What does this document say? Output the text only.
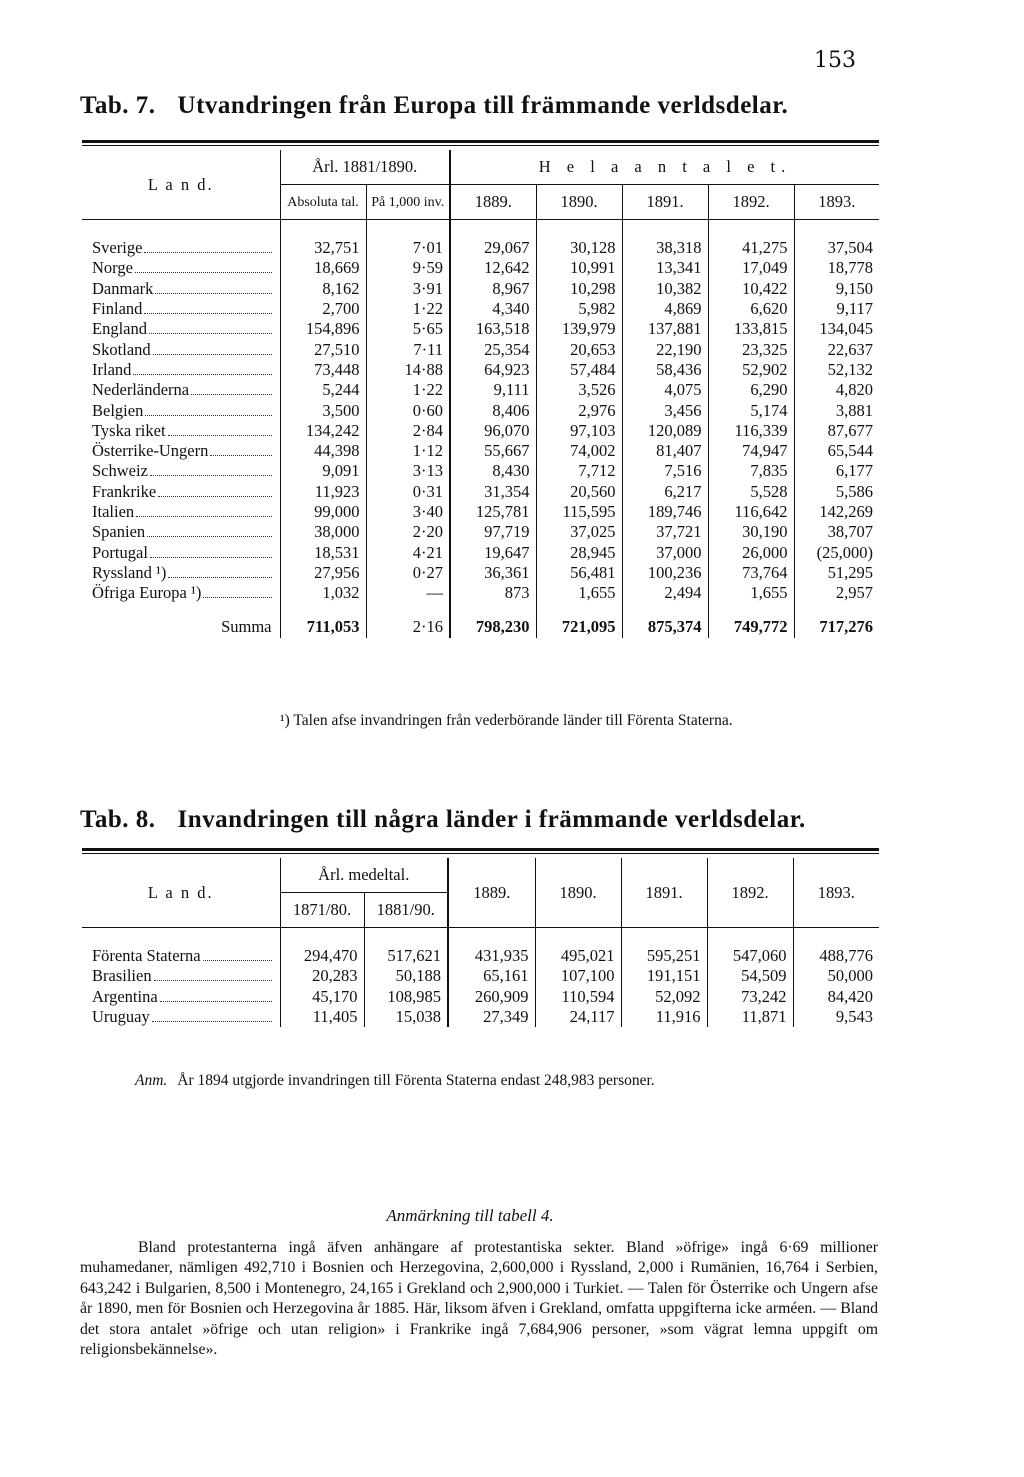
153
Tab. 7. Utvandringen från Europa till främmande verldsdelar.
L a n d.	Årl. 1881/1890.		H e l a a n t a l e t.				
	Absoluta tal.	På 1,000 inv.	1889.	1890.	1891.	1892.	1893.
Sverige	32,751	7·01	29,067	30,128	38,318	41,275	37,504
Norge	18,669	9·59	12,642	10,991	13,341	17,049	18,778
Danmark	8,162	3·91	8,967	10,298	10,382	10,422	9,150
Finland	2,700	1·22	4,340	5,982	4,869	6,620	9,117
England	154,896	5·65	163,518	139,979	137,881	133,815	134,045
Skotland	27,510	7·11	25,354	20,653	22,190	23,325	22,637
Irland	73,448	14·88	64,923	57,484	58,436	52,902	52,132
Nederländerna	5,244	1·22	9,111	3,526	4,075	6,290	4,820
Belgien	3,500	0·60	8,406	2,976	3,456	5,174	3,881
Tyska riket	134,242	2·84	96,070	97,103	120,089	116,339	87,677
Österrike-Ungern	44,398	1·12	55,667	74,002	81,407	74,947	65,544
Schweiz	9,091	3·13	8,430	7,712	7,516	7,835	6,177
Frankrike	11,923	0·31	31,354	20,560	6,217	5,528	5,586
Italien	99,000	3·40	125,781	115,595	189,746	116,642	142,269
Spanien	38,000	2·20	97,719	37,025	37,721	30,190	38,707
Portugal	18,531	4·21	19,647	28,945	37,000	26,000	(25,000)
Ryssland ¹)	27,956	0·27	36,361	56,481	100,236	73,764	51,295
Öfriga Europa ¹)	1,032	—	873	1,655	2,494	1,655	2,957
Summa	711,053	2·16	798,230	721,095	875,374	749,772	717,276
¹) Talen afse invandringen från vederbörande länder till Förenta Staterna.
Tab. 8. Invandringen till några länder i främmande verldsdelar.
L a n d.	Årl. medeltal.		1889.	1890.	1891.	1892.	1893.
	1871/80.	1881/90.					
Förenta Staterna	294,470	517,621	431,935	495,021	595,251	547,060	488,776
Brasilien	20,283	50,188	65,161	107,100	191,151	54,509	50,000
Argentina	45,170	108,985	260,909	110,594	52,092	73,242	84,420
Uruguay	11,405	15,038	27,349	24,117	11,916	11,871	9,543
Anm. År 1894 utgjorde invandringen till Förenta Staterna endast 248,983 personer.
Anmärkning till tabell 4.

Bland protestanterna ingå äfven anhängare af protestantiska sekter. Bland »öfrige» ingå 6·69 millioner muhamedaner, nämligen 492,710 i Bosnien och Herzegovina, 2,600,000 i Ryssland, 2,000 i Rumänien, 16,764 i Serbien, 643,242 i Bulgarien, 8,500 i Montenegro, 24,165 i Grekland och 2,900,000 i Turkiet. — Talen för Österrike och Ungern afse år 1890, men för Bosnien och Herzegovina år 1885. Här, liksom äfven i Grekland, omfatta uppgifterna icke arméen. — Bland det stora antalet »öfrige och utan religion» i Frankrike ingå 7,684,906 personer, »som vägrat lemna uppgift om religionsbekännelse».
